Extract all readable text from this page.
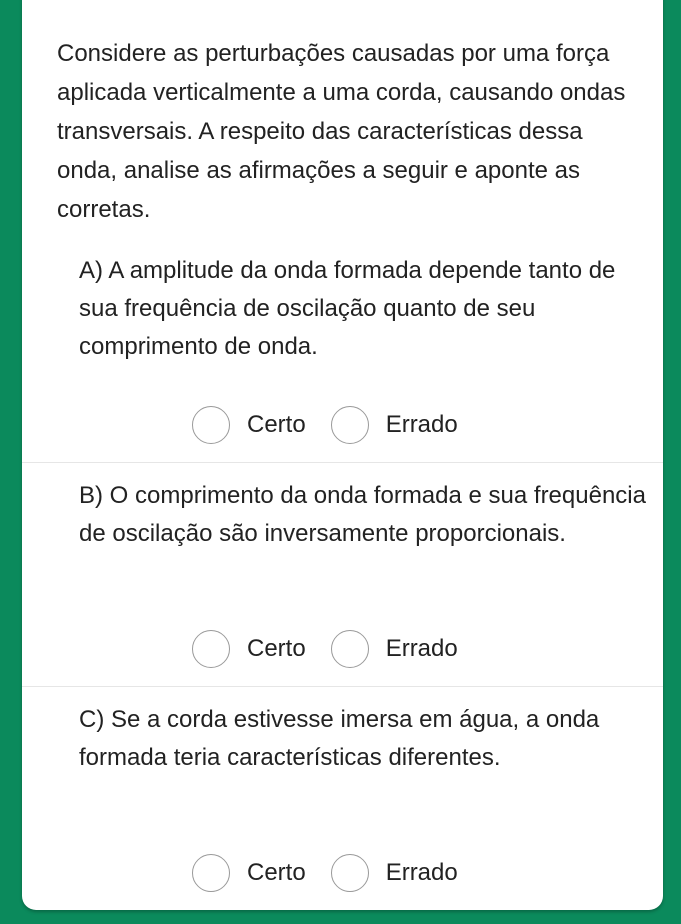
Considere as perturbações causadas por uma força aplicada verticalmente a uma corda, causando ondas transversais. A respeito das características dessa onda, analise as afirmações a seguir e aponte as corretas.

A) A amplitude da onda formada depende tanto de sua frequência de oscilação quanto de seu comprimento de onda.

Certo	Errado

B) O comprimento da onda formada e sua frequência de oscilação são inversamente proporcionais.

Certo	Errado

C) Se a corda estivesse imersa em água, a onda formada teria características diferentes.

Certo	Errado
